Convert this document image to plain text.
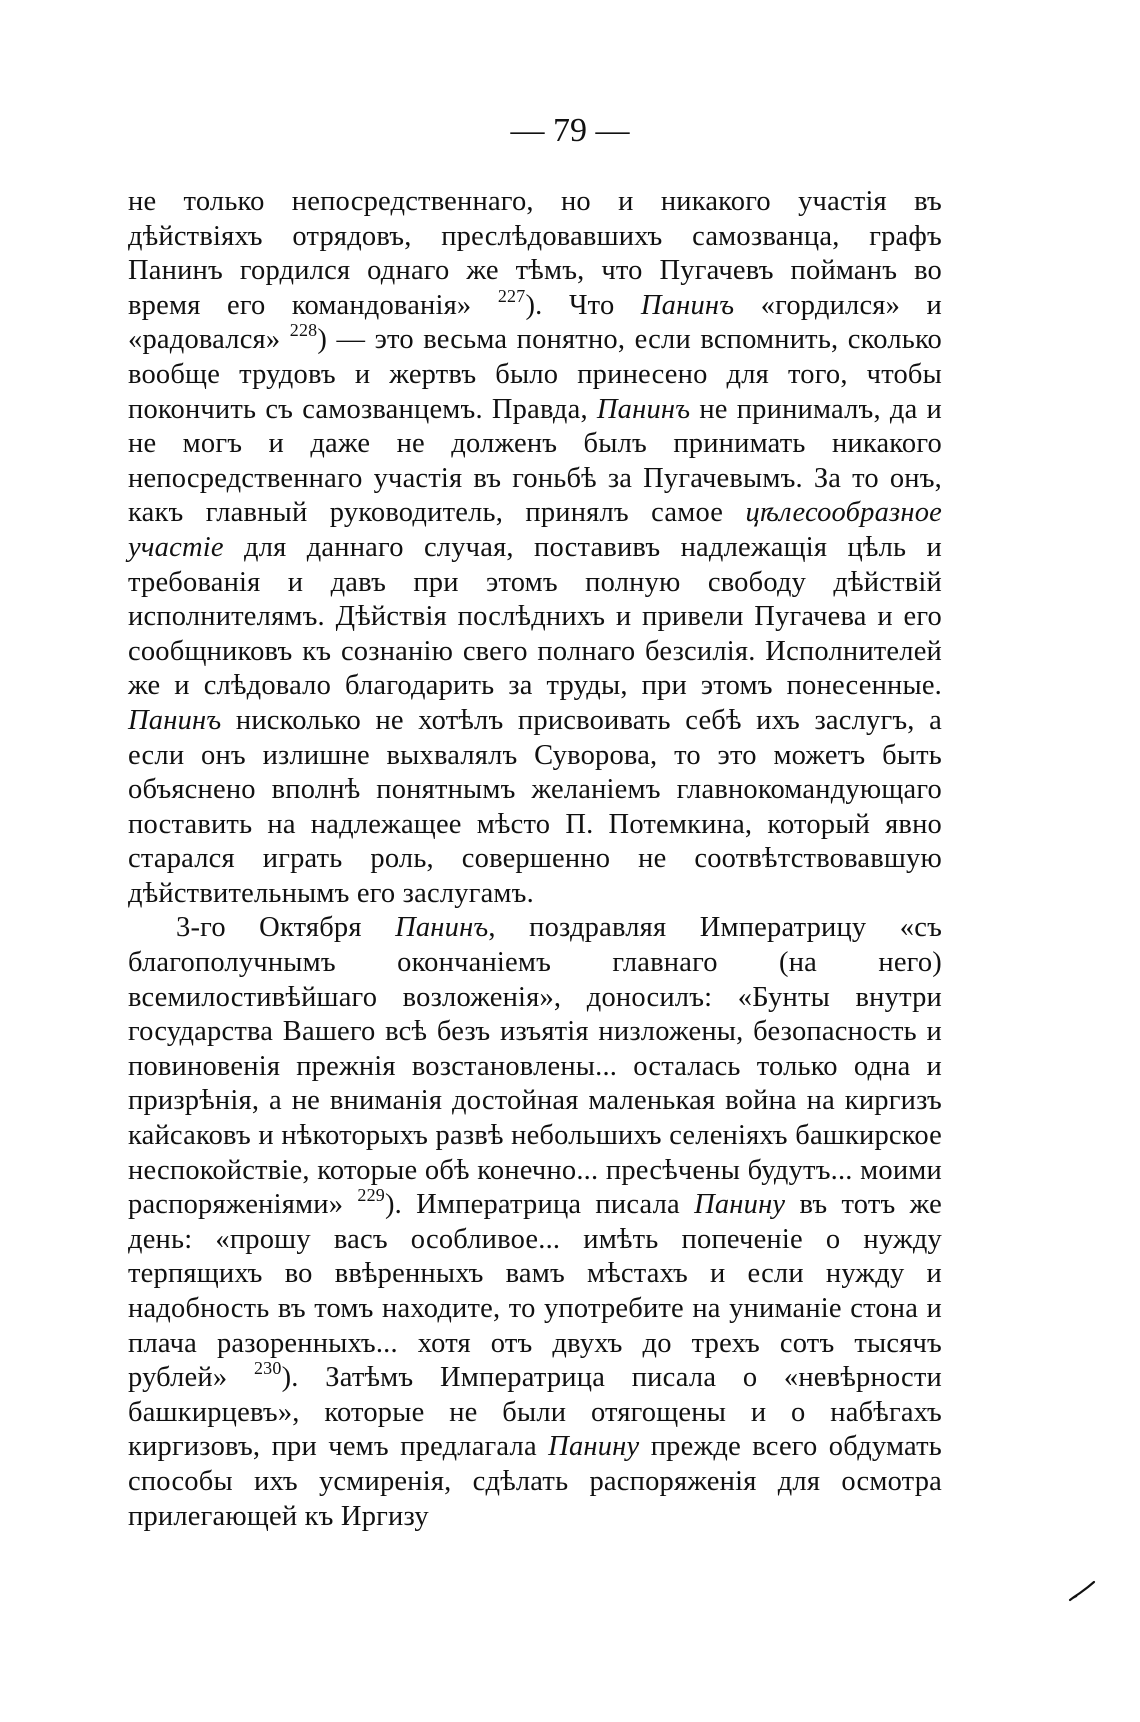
— 79 —

не только непосредственнаго, но и никакого участія въ дѣйствіяхъ отрядовъ, преслѣдовавшихъ самозванца, графъ Панинъ гордился однаго же тѣмъ, что Пугачевъ пойманъ во время его командованія» $^{227}$). Что Панинъ «гордился» и «радовался» $^{228}$) — это весьма понятно, если вспомнить, сколько вообще трудовъ и жертвъ было принесено для того, чтобы покончить съ самозванцемъ. Правда, Панинъ не принималъ, да и не могъ и даже не долженъ былъ принимать никакого непосредственнаго участія въ гоньбѣ за Пугачевымъ. За то онъ, какъ главный руководитель, принялъ самое цѣлесообразное участіе для даннаго случая, поставивъ надлежащія цѣль и требованія и давъ при этомъ полную свободу дѣйствій исполнителямъ. Дѣйствія послѣднихъ и привели Пугачева и его сообщниковъ къ сознанію свего полнаго безсилія. Исполнителей же и слѣдовало благодарить за труды, при этомъ понесенные. Панинъ нисколько не хотѣлъ присвоивать себѣ ихъ заслугъ, а если онъ излишне выхвалялъ Суворова, то это можетъ быть объяснено вполнѣ понятнымъ желаніемъ главнокомандующаго поставить на надлежащее мѣсто П. Потемкина, который явно старался играть роль, совершенно не соотвѣтствовавшую дѣйствительнымъ его заслугамъ.

3-го Октября Панинъ, поздравляя Императрицу «съ благополучнымъ окончаніемъ главнаго (на него) всемилостивѣйшаго возложенія», доносилъ: «Бунты внутри государства Вашего всѣ безъ изъятія низложены, безопасность и повиновенія прежнія возстановлены... осталась только одна и призрѣнія, а не вниманія достойная маленькая война на киргизъ кайсаковъ и нѣкоторыхъ развѣ небольшихъ селеніяхъ башкирское неспокойствіе, которые обѣ конечно... пресѣчены будутъ... моими распоряженіями» $^{229}$). Императрица писала Панину въ тотъ же день: «прошу васъ особливое... имѣть попеченіе о нужду терпящихъ во ввѣренныхъ вамъ мѣстахъ и если нужду и надобность въ томъ находите, то употребите на униманіе стона и плача разоренныхъ... хотя отъ двухъ до трехъ сотъ тысячъ рублей» $^{230}$). Затѣмъ Императрица писала о «невѣрности башкирцевъ», которые не были отягощены и о набѣгахъ киргизовъ, при чемъ предлагала Панину прежде всего обдумать способы ихъ усмиренія, сдѣлать распоряженія для осмотра прилегающей къ Иргизу
